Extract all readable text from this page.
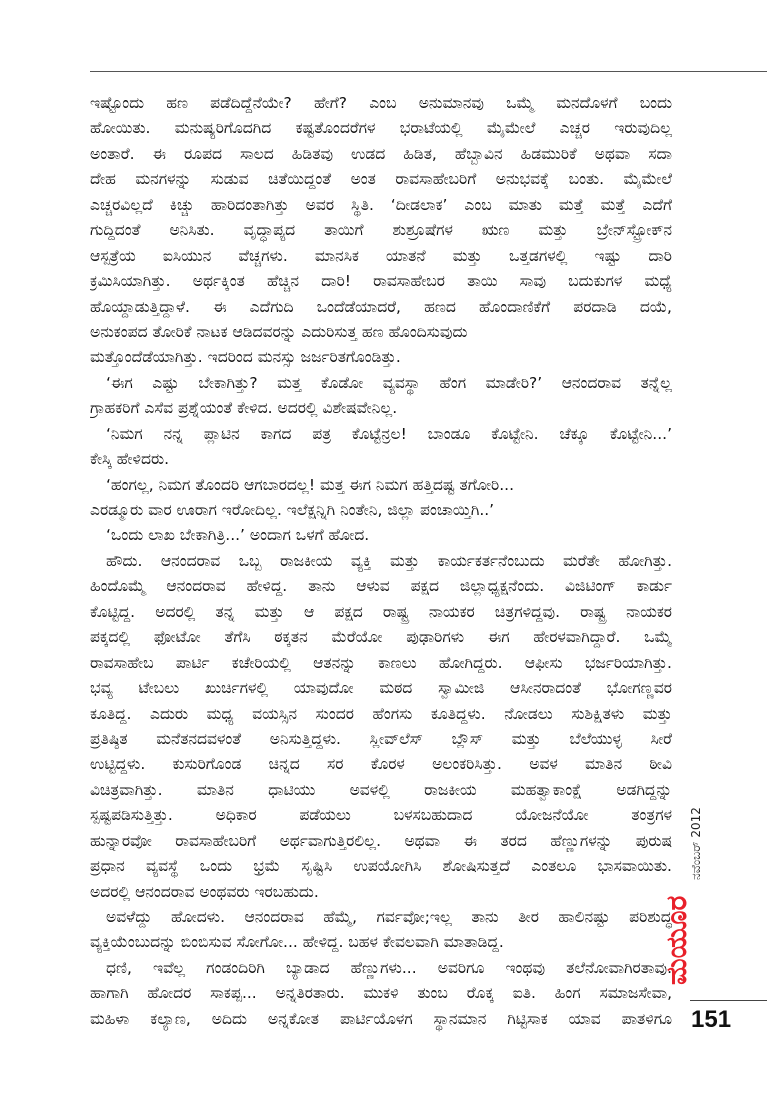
ಇಷ್ಟೊಂದು ಹಣ ಪಡೆದಿದ್ದೆನೆಯೇ? ಹೇಗೆ? ಎಂಬ ಅನುಮಾನವು ಒಮ್ಮೆ ಮನದೊಳಗೆ ಬಂದು
ಹೋಯಿತು. ಮನುಷ್ಯರಿಗೊದಗಿದ ಕಷ್ಟತೊಂದರೆಗಳ ಭರಾಟೆಯಲ್ಲಿ ಮೈಮೇಲೆ ಎಚ್ಚರ ಇರುವುದಿಲ್ಲ
ಅಂತಾರೆ. ಈ ರೂಪದ ಸಾಲದ ಹಿಡಿತವು ಉಡದ ಹಿಡಿತ, ಹೆಬ್ಬಾವಿನ ಹಿಡಮುರಿಕೆ ಅಥವಾ ಸದಾ
ದೇಹ ಮನಗಳನ್ನು ಸುಡುವ ಚಿತೆಯಿದ್ದಂತೆ ಅಂತ ರಾವಸಾಹೇಬರಿಗೆ ಅನುಭವಕ್ಕೆ ಬಂತು. ಮೈಮೇಲೆ
ಎಚ್ಚರವಿಲ್ಲದೆ ಕಿಚ್ಚು ಹಾರಿದಂತಾಗಿತ್ತು ಅವರ ಸ್ಥಿತಿ. ‘ದೀಡಲಾಕ’ ಎಂಬ ಮಾತು ಮತ್ತೆ ಮತ್ತೆ ಎದೆಗೆ
ಗುದ್ದಿದಂತೆ ಅನಿಸಿತು. ವೃದ್ಧಾಪ್ಯದ ತಾಯಿಗೆ ಶುಶ್ರೂಷೆಗಳ ಋಣ ಮತ್ತು ಬ್ರೇನ್‌ಸ್ಟ್ರೋಕ್‌ನ
ಆಸ್ಪತ್ರೆಯ ಐಸಿಯುನ ವೆಚ್ಚಗಳು. ಮಾನಸಿಕ ಯಾತನೆ ಮತ್ತು ಒತ್ತಡಗಳಲ್ಲಿ ಇಷ್ಟು ದಾರಿ
ಕ್ರಮಿಸಿಯಾಗಿತ್ತು. ಅರ್ಥಕ್ಕಿಂತ ಹೆಚ್ಚಿನ ದಾರಿ! ರಾವಸಾಹೇಬರ ತಾಯಿ ಸಾವು ಬದುಕುಗಳ ಮಧ್ಯೆ
ಹೊಯ್ದಾಡುತ್ತಿದ್ದಾಳೆ. ಈ ಎದೆಗುದಿ ಒಂದೆಡೆಯಾದರೆ, ಹಣದ ಹೊಂದಾಣಿಕೆಗೆ ಪರದಾಡಿ ದಯೆ,
ಅನುಕಂಪದ ತೋರಿಕೆ ನಾಟಕ ಆಡಿದವರನ್ನು ಎದುರಿಸುತ್ತ ಹಣ ಹೊಂದಿಸುವುದು
ಮತ್ತೊಂದೆಡೆಯಾಗಿತ್ತು. ಇದರಿಂದ ಮನಸ್ಸು ಜರ್ಜರಿತಗೊಂಡಿತ್ತು.
‘ಈಗ ಎಷ್ಟು ಬೇಕಾಗಿತ್ತು? ಮತ್ತ ಕೊಡೋ ವ್ಯವಸ್ಥಾ ಹೆಂಗ ಮಾಡೇರಿ?’ ಆನಂದರಾವ ತನ್ನೆಲ್ಲ
ಗ್ರಾಹಕರಿಗೆ ಎಸೆವ ಪ್ರಶ್ನೆಯಂತೆ ಕೇಳಿದ. ಅದರಲ್ಲಿ ವಿಶೇಷವೇನಿಲ್ಲ.
‘ನಿಮಗ ನನ್ನ ಪ್ಲಾಟಿನ ಕಾಗದ ಪತ್ರ ಕೊಟ್ಟೆನ್ರಲ! ಬಾಂಡೂ ಕೊಟ್ಟೇನಿ. ಚೆಕ್ಕೂ ಕೊಟ್ಟೇನಿ...’
ಕೇಸ್ಕಿ ಹೇಳಿದರು.
‘ಹಂಗಲ್ಲ, ನಿಮಗ ತೊಂದರಿ ಆಗಬಾರದಲ್ಲ! ಮತ್ತ ಈಗ ನಿಮಗ ಹತ್ತಿದಷ್ಟ ತಗೋರಿ...
ಎರಡ್ಮೂರು ವಾರ ಊರಾಗ ಇರೋದಿಲ್ಲ. ಇಲೆಕ್ಷನ್ನಿಗಿ ನಿಂತೇನಿ, ಜಿಲ್ಲಾ ಪಂಚಾಯ್ತಿಗಿ..’
‘ಒಂದು ಲಾಖ ಬೇಕಾಗಿತ್ರಿ...’ ಅಂದಾಗ ಒಳಗೆ ಹೋದ.
ಹೌದು. ಆನಂದರಾವ ಒಬ್ಬ ರಾಜಕೀಯ ವ್ಯಕ್ತಿ ಮತ್ತು ಕಾರ್ಯಕರ್ತನೆಂಬುದು ಮರೆತೇ ಹೋಗಿತ್ತು.
ಹಿಂದೊಮ್ಮೆ ಆನಂದರಾವ ಹೇಳಿದ್ದ. ತಾನು ಆಳುವ ಪಕ್ಷದ ಜಿಲ್ಲಾಧ್ಯಕ್ಷನೆಂದು. ವಿಜಿಟಿಂಗ್ ಕಾರ್ಡು
ಕೊಟ್ಟಿದ್ದ. ಅದರಲ್ಲಿ ತನ್ನ ಮತ್ತು ಆ ಪಕ್ಷದ ರಾಷ್ಟ್ರ ನಾಯಕರ ಚಿತ್ರಗಳಿದ್ದವು. ರಾಷ್ಟ್ರ ನಾಯಕರ
ಪಕ್ಕದಲ್ಲಿ ಫೋಟೋ ತೆಗೆಸಿ ಠಕ್ಕತನ ಮೆರೆಯೋ ಪುಢಾರಿಗಳು ಈಗ ಹೇರಳವಾಗಿದ್ದಾರೆ. ಒಮ್ಮೆ
ರಾವಸಾಹೇಬ ಪಾರ್ಟಿ ಕಚೇರಿಯಲ್ಲಿ ಆತನನ್ನು ಕಾಣಲು ಹೋಗಿದ್ದರು. ಆಫೀಸು ಭರ್ಜರಿಯಾಗಿತ್ತು.
ಭವ್ಯ ಟೇಬಲು ಖುರ್ಚಿಗಳಲ್ಲಿ ಯಾವುದೋ ಮಠದ ಸ್ವಾಮೀಜಿ ಆಸೀನರಾದಂತೆ ಭೋಗಣ್ಣವರ
ಕೂತಿದ್ದ. ಎದುರು ಮಧ್ಯ ವಯಸ್ಸಿನ ಸುಂದರ ಹೆಂಗಸು ಕೂತಿದ್ದಳು. ನೋಡಲು ಸುಶಿಕ್ಷಿತಳು ಮತ್ತು
ಪ್ರತಿಷ್ಠಿತ ಮನೆತನದವಳಂತೆ ಅನಿಸುತ್ತಿದ್ದಳು. ಸ್ಲೀವ್‌ಲೆಸ್ ಬ್ಲೌಸ್ ಮತ್ತು ಬೆಲೆಯುಳ್ಳ ಸೀರೆ
ಉಟ್ಟಿದ್ದಳು. ಕುಸುರಿಗೊಂಡ ಚಿನ್ನದ ಸರ ಕೊರಳ ಅಲಂಕರಿಸಿತ್ತು. ಅವಳ ಮಾತಿನ ಠೀವಿ
ವಿಚಿತ್ರವಾಗಿತ್ತು. ಮಾತಿನ ಧಾಟಿಯು ಅವಳಲ್ಲಿ ರಾಜಕೀಯ ಮಹತ್ವಾಕಾಂಕ್ಷೆ ಅಡಗಿದ್ದನ್ನು
ಸ್ಪಷ್ಟಪಡಿಸುತ್ತಿತ್ತು. ಅಧಿಕಾರ ಪಡೆಯಲು ಬಳಸಬಹುದಾದ ಯೋಜನೆಯೋ ತಂತ್ರಗಳ
ಹುನ್ನಾರವೋ ರಾವಸಾಹೇಬರಿಗೆ ಅರ್ಥವಾಗುತ್ತಿರಲಿಲ್ಲ. ಅಥವಾ ಈ ತರದ ಹೆಣ್ಣುಗಳನ್ನು ಪುರುಷ
ಪ್ರಧಾನ ವ್ಯವಸ್ಥೆ ಒಂದು ಭ್ರಮೆ ಸೃಷ್ಟಿಸಿ ಉಪಯೋಗಿಸಿ ಶೋಷಿಸುತ್ತದೆ ಎಂತಲೂ ಭಾಸವಾಯಿತು.
ಅದರಲ್ಲಿ ಆನಂದರಾವ ಅಂಥವರು ಇರಬಹುದು.
ಅವಳೆದ್ದು ಹೋದಳು. ಆನಂದರಾವ ಹೆಮ್ಮೆ, ಗರ್ವವೋ;ಇಲ್ಲ ತಾನು ತೀರ ಹಾಲಿನಷ್ಟು ಪರಿಶುದ್ಧ
ವ್ಯಕ್ತಿಯೆಂಬುದನ್ನು ಬಿಂಬಿಸುವ ಸೋಗೋ... ಹೇಳಿದ್ದ. ಬಹಳ ಕೇವಲವಾಗಿ ಮಾತಾಡಿದ್ದ.
ಧಣಿ, ಇವೆಲ್ಲ ಗಂಡಂದಿರಿಗಿ ಬ್ಯಾಡಾದ ಹೆಣ್ಣುಗಳು... ಅವರಿಗೂ ಇಂಥವು ತಲೆನೋವಾಗಿರತಾವು.
ಹಾಗಾಗಿ ಹೋದರ ಸಾಕಪ್ಪ... ಅನ್ನತಿರತಾರು. ಮುಕಳಿ ತುಂಬ ರೊಕ್ಕ ಐತಿ. ಹಿಂಗ ಸಮಾಜಸೇವಾ,
ಮಹಿಳಾ ಕಲ್ಯಾಣ, ಅದಿದು ಅನ್ನಕೋತ ಪಾರ್ಟಿಯೊಳಗ ಸ್ಥಾನಮಾನ ಗಿಟ್ಟಿಸಾಕ ಯಾವ ಪಾತಳಿಗೂ
ನವೆಂಬರ್ 2012
ಮಯೂರ
151
